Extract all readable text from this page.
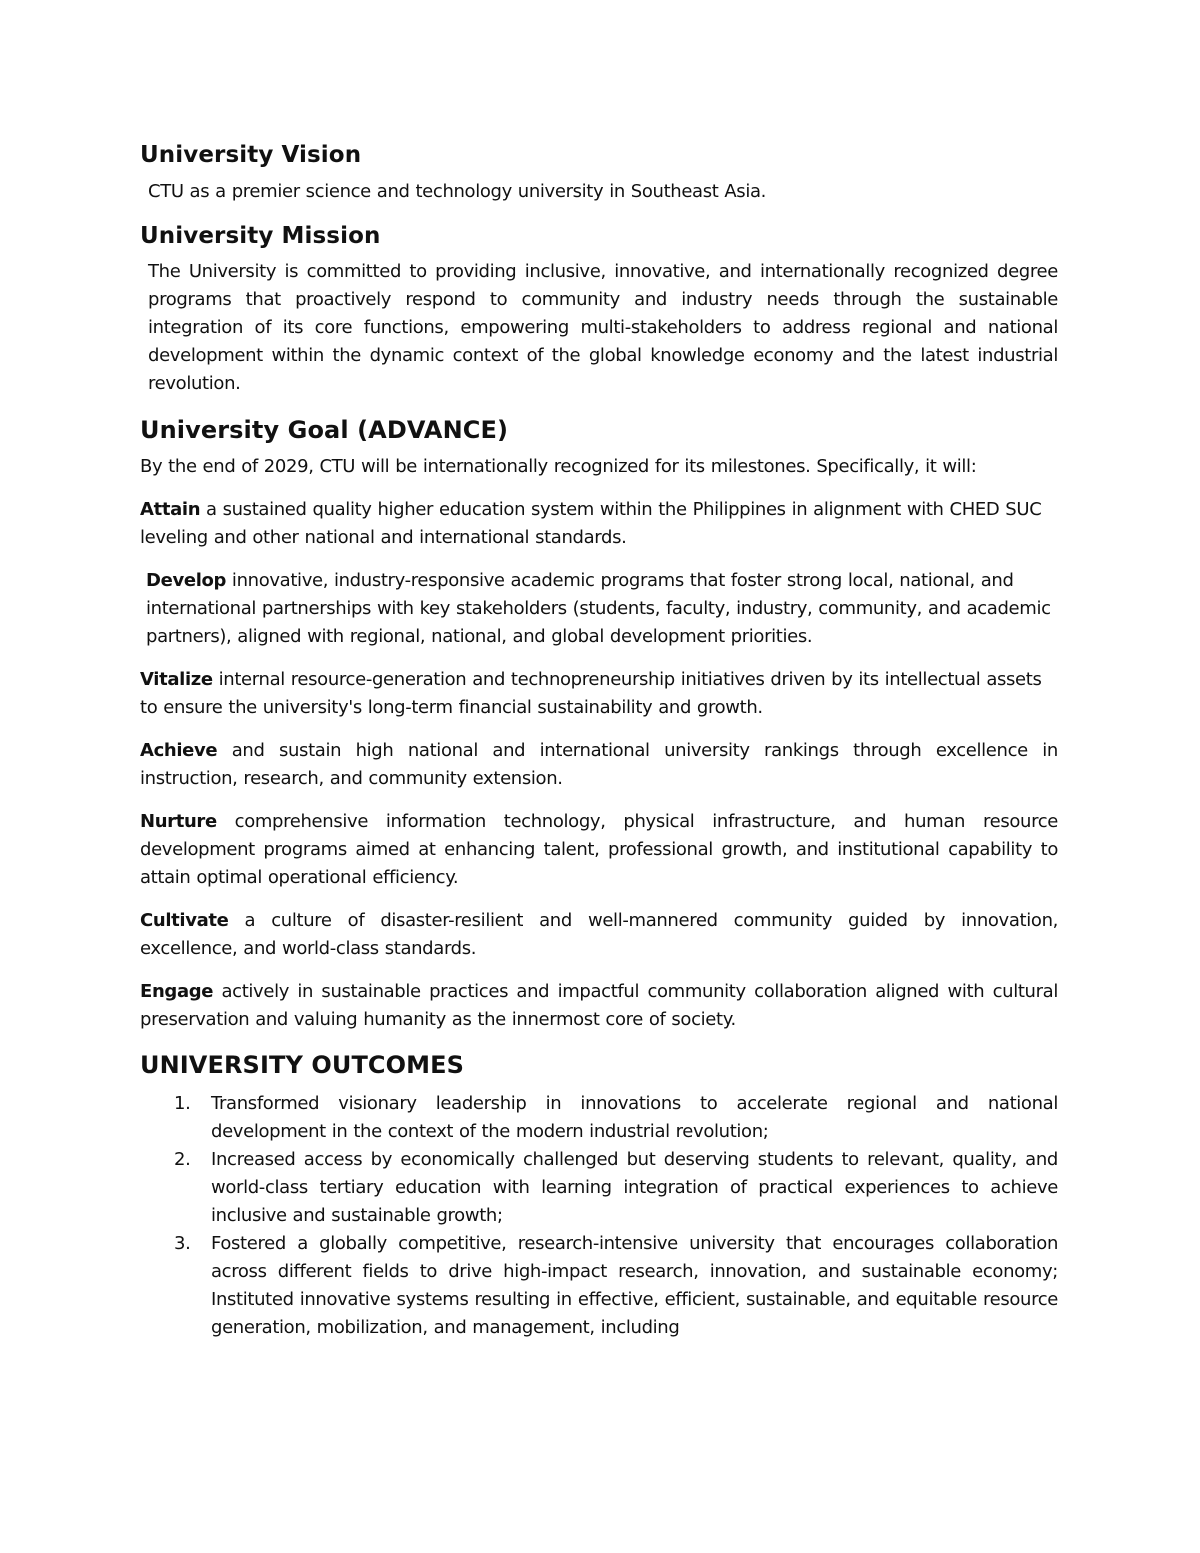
University Vision

CTU as a premier science and technology university in Southeast Asia.

University Mission

The University is committed to providing inclusive, innovative, and internationally recognized degree programs that proactively respond to community and industry needs through the sustainable integration of its core functions, empowering multi-stakeholders to address regional and national development within the dynamic context of the global knowledge economy and the latest industrial revolution.

University Goal (ADVANCE)

By the end of 2029, CTU will be internationally recognized for its milestones. Specifically, it will:

Attain a sustained quality higher education system within the Philippines in alignment with CHED SUC leveling and other national and international standards.

Develop innovative, industry-responsive academic programs that foster strong local, national, and international partnerships with key stakeholders (students, faculty, industry, community, and academic partners), aligned with regional, national, and global development priorities.

Vitalize internal resource-generation and technopreneurship initiatives driven by its intellectual assets to ensure the university's long-term financial sustainability and growth.

Achieve and sustain high national and international university rankings through excellence in instruction, research, and community extension.

Nurture comprehensive information technology, physical infrastructure, and human resource development programs aimed at enhancing talent, professional growth, and institutional capability to attain optimal operational efficiency.

Cultivate a culture of disaster-resilient and well-mannered community guided by innovation, excellence, and world-class standards.

Engage actively in sustainable practices and impactful community collaboration aligned with cultural preservation and valuing humanity as the innermost core of society.

UNIVERSITY OUTCOMES
1. Transformed visionary leadership in innovations to accelerate regional and national development in the context of the modern industrial revolution;
2. Increased access by economically challenged but deserving students to relevant, quality, and world-class tertiary education with learning integration of practical experiences to achieve inclusive and sustainable growth;
3. Fostered a globally competitive, research-intensive university that encourages collaboration across different fields to drive high-impact research, innovation, and sustainable economy; Instituted innovative systems resulting in effective, efficient, sustainable, and equitable resource generation, mobilization, and management, including
